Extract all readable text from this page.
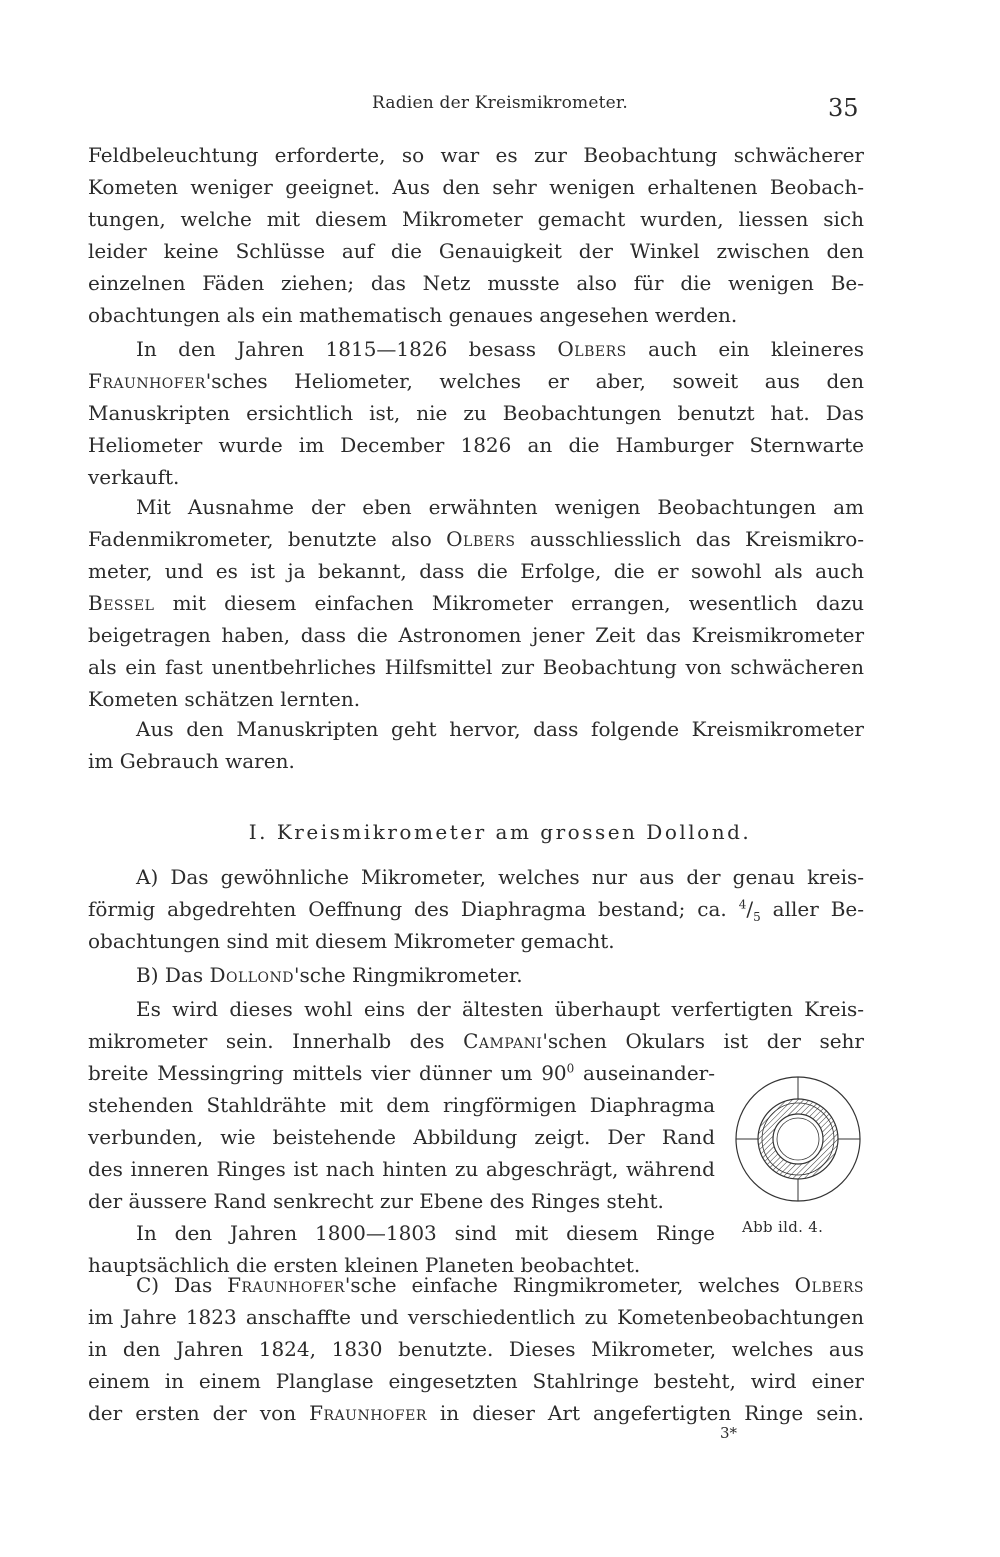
Radien der Kreismikrometer.	35

Feldbeleuchtung erforderte, so war es zur Beobachtung schwächerer

Kometen weniger geeignet. Aus den sehr wenigen erhaltenen Beobach-

tungen, welche mit diesem Mikrometer gemacht wurden, liessen sich

leider keine Schlüsse auf die Genauigkeit der Winkel zwischen den

einzelnen Fäden ziehen; das Netz musste also für die wenigen Be-

obachtungen als ein mathematisch genaues angesehen werden.

In den Jahren 1815—1826 besass Olbers auch ein kleineres

Fraunhofer'sches Heliometer, welches er aber, soweit aus den

Manuskripten ersichtlich ist, nie zu Beobachtungen benutzt hat. Das

Heliometer wurde im December 1826 an die Hamburger Sternwarte

verkauft.

Mit Ausnahme der eben erwähnten wenigen Beobachtungen am

Fadenmikrometer, benutzte also Olbers ausschliesslich das Kreismikro-

meter, und es ist ja bekannt, dass die Erfolge, die er sowohl als auch

Bessel mit diesem einfachen Mikrometer errangen, wesentlich dazu

beigetragen haben, dass die Astronomen jener Zeit das Kreismikrometer

als ein fast unentbehrliches Hilfsmittel zur Beobachtung von schwächeren

Kometen schätzen lernten.

Aus den Manuskripten geht hervor, dass folgende Kreismikrometer

im Gebrauch waren.

I. Kreismikrometer am grossen Dollond.

A) Das gewöhnliche Mikrometer, welches nur aus der genau kreis-

förmig abgedrehten Oeffnung des Diaphragma bestand; ca. $^4/_5$ aller Be-

obachtungen sind mit diesem Mikrometer gemacht.

B) Das Dollond'sche Ringmikrometer.

Es wird dieses wohl eins der ältesten überhaupt verfertigten Kreis-

mikrometer sein. Innerhalb des Campani'schen Okulars ist der sehr

breite Messingring mittels vier dünner um $90^0$ auseinander-

stehenden Stahldrähte mit dem ringförmigen Diaphragma

verbunden, wie beistehende Abbildung zeigt. Der Rand

des inneren Ringes ist nach hinten zu abgeschrägt, während

der äussere Rand senkrecht zur Ebene des Ringes steht.

In den Jahren 1800—1803 sind mit diesem Ringe

hauptsächlich die ersten kleinen Planeten beobachtet.

Abb ild. 4.

C) Das Fraunhofer'sche einfache Ringmikrometer, welches Olbers

im Jahre 1823 anschaffte und verschiedentlich zu Kometenbeobachtungen

in den Jahren 1824, 1830 benutzte. Dieses Mikrometer, welches aus

einem in einem Planglase eingesetzten Stahlringe besteht, wird einer

der ersten der von Fraunhofer in dieser Art angefertigten Ringe sein.

3*
